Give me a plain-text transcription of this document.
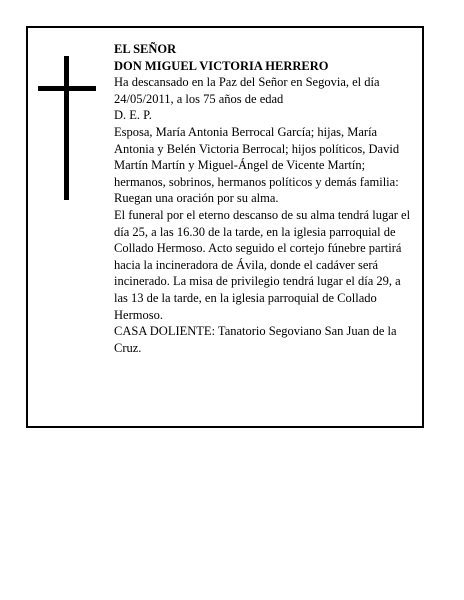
EL SEÑOR

DON MIGUEL VICTORIA HERRERO

Ha descansado en la Paz del Señor en Segovia, el día 24/05/2011, a los 75 años de edad

D. E. P.

Esposa, María Antonia Berrocal García; hijas, María Antonia y Belén Victoria Berrocal; hijos políticos, David Martín Martín y Miguel-Ángel de Vicente Martín; hermanos, sobrinos, hermanos políticos y demás familia:

Ruegan una oración por su alma.

El funeral por el eterno descanso de su alma tendrá lugar el día 25, a las 16.30 de la tarde, en la iglesia parroquial de Collado Hermoso. Acto seguido el cortejo fúnebre partirá hacia la incineradora de Ávila, donde el cadáver será incinerado. La misa de privilegio tendrá lugar el día 29, a las 13 de la tarde, en la iglesia parroquial de Collado Hermoso.

CASA DOLIENTE: Tanatorio Segoviano San Juan de la Cruz.
